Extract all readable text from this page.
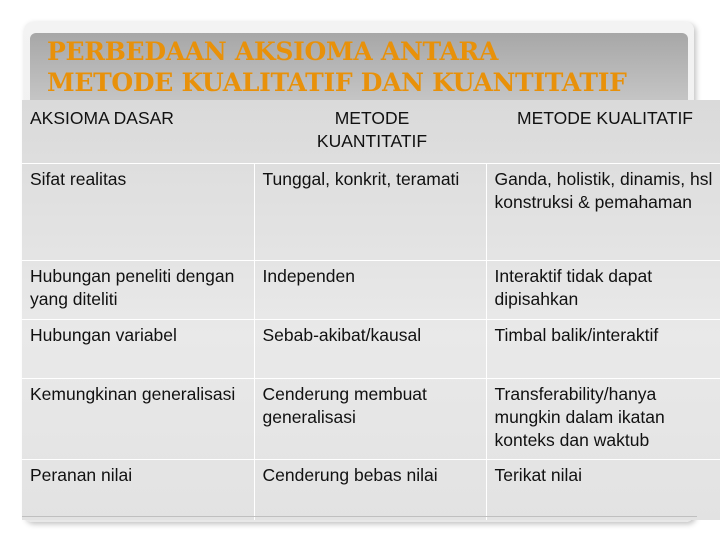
PERBEDAAN AKSIOMA ANTARA
METODE KUALITATIF DAN KUANTITATIF
AKSIOMA DASAR	METODE KUANTITATIF	METODE KUALITATIF
Sifat realitas	Tunggal, konkrit, teramati	Ganda, holistik, dinamis, hsl konstruksi & pemahaman
Hubungan peneliti dengan yang diteliti	Independen	Interaktif tidak dapat dipisahkan
Hubungan variabel	Sebab-akibat/kausal	Timbal balik/interaktif
Kemungkinan generalisasi	Cenderung membuat generalisasi	Transferability/hanya mungkin dalam ikatan konteks dan waktub
Peranan nilai	Cenderung bebas nilai	Terikat nilai
